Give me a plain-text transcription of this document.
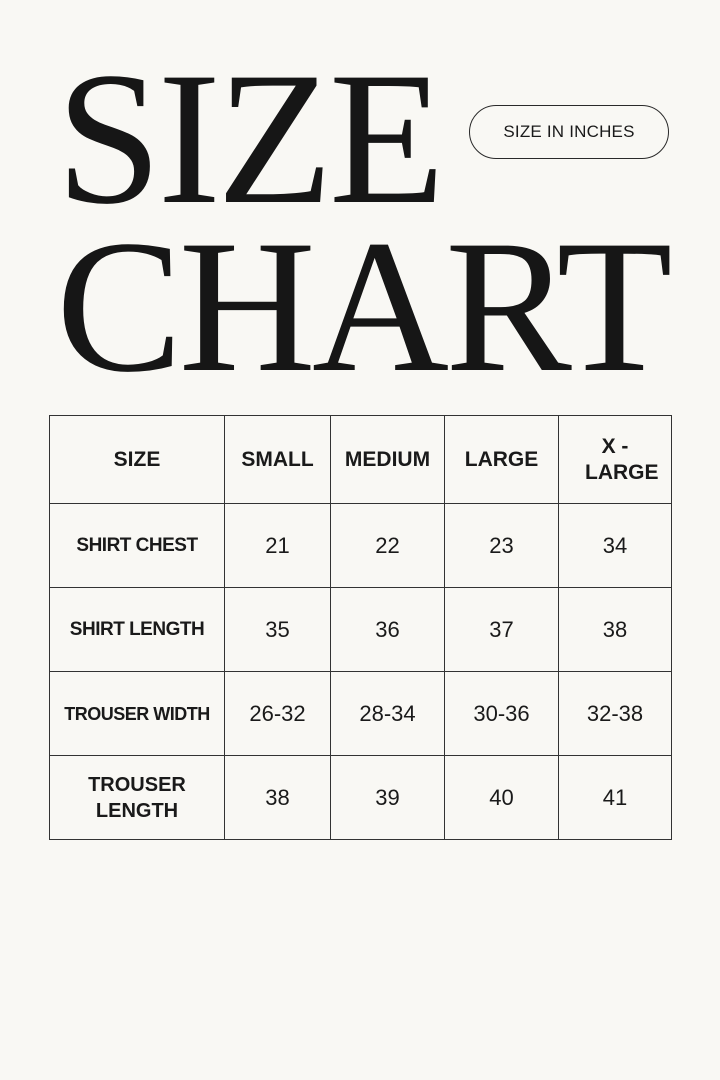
SIZE
CHART
SIZE IN INCHES
SIZE	SMALL	MEDIUM	LARGE	X - LARGE
SHIRT CHEST	21	22	23	34
SHIRT LENGTH	35	36	37	38
TROUSER WIDTH	26-32	28-34	30-36	32-38
TROUSER LENGTH	38	39	40	41
